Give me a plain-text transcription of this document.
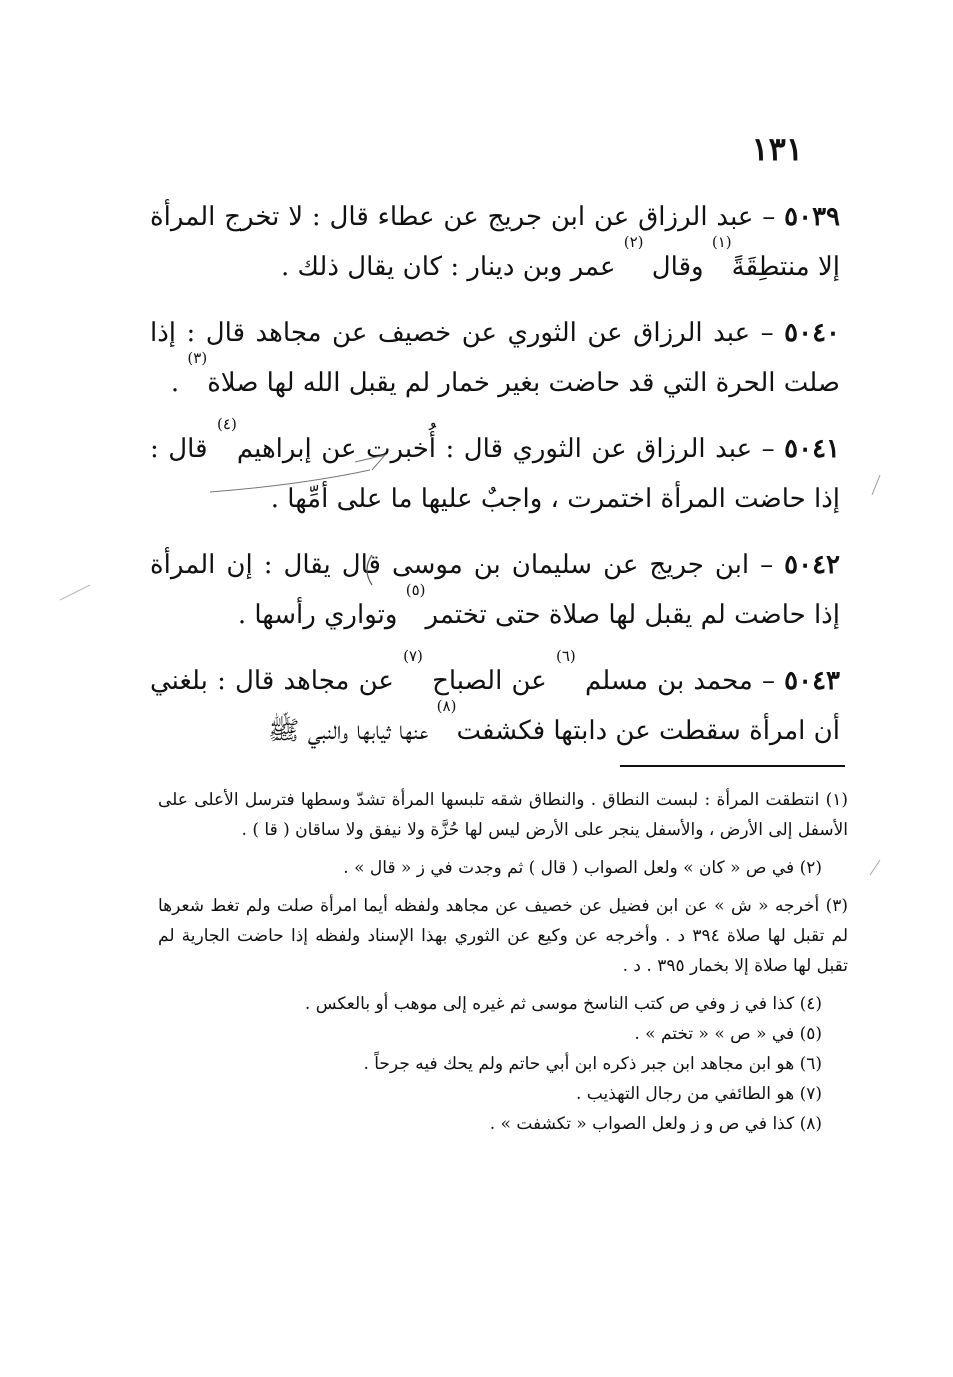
١٣١

٥٠٣٩ – عبد الرزاق عن ابن جريج عن عطاء قال : لا تخرج المرأة إلا منتطِقَةً$^{(١)}$ وقال $^{(٢)}$ عمر وبن دينار : كان يقال ذلك .

٥٠٤٠ – عبد الرزاق عن الثوري عن خصيف عن مجاهد قال : إذا صلت الحرة التي قد حاضت بغير خمار لم يقبل الله لها صلاة$^{(٣)}$ .

٥٠٤١ – عبد الرزاق عن الثوري قال : أُخبرت عن إبراهيم$^{(٤)}$ قال : إذا حاضت المرأة اختمرت ، واجبٌ عليها ما على أمِّها .

٥٠٤٢ – ابن جريج عن سليمان بن موسى قال يقال : إن المرأة إذا حاضت لم يقبل لها صلاة حتى تختمر$^{(٥)}$ وتواري رأسها .

٥٠٤٣ – محمد بن مسلم $^{(٦)}$ عن الصباح $^{(٧)}$ عن مجاهد قال : بلغني أن امرأة سقطت عن دابتها فكشفت$^{(٨)}$ عنها ثيابها والنبي ﷺ

(١) انتطقت المرأة : لبست النطاق . والنطاق شقه تلبسها المرأة تشدّ وسطها فترسل الأعلى على الأسفل إلى الأرض ، والأسفل ينجر على الأرض ليس لها حُزَّة ولا نيفق ولا ساقان ( قا ) .

(٢) في ص « كان » ولعل الصواب ( قال ) ثم وجدت في ز « قال » .

(٣) أخرجه « ش » عن ابن فضيل عن خصيف عن مجاهد ولفظه أيما امرأة صلت ولم تغط شعرها لم تقبل لها صلاة ٣٩٤ د . وأخرجه عن وكيع عن الثوري بهذا الإسناد ولفظه إذا حاضت الجارية لم تقبل لها صلاة إلا بخمار ٣٩٥ . د .

(٤) كذا في ز وفي ص كتب الناسخ موسى ثم غيره إلى موهب أو بالعكس .

(٥) في « ص » « تختم » .

(٦) هو ابن مجاهد ابن جبر ذكره ابن أبي حاتم ولم يحك فيه جرحاً .

(٧) هو الطائفي من رجال التهذيب .

(٨) كذا في ص و ز ولعل الصواب « تكشفت » .
